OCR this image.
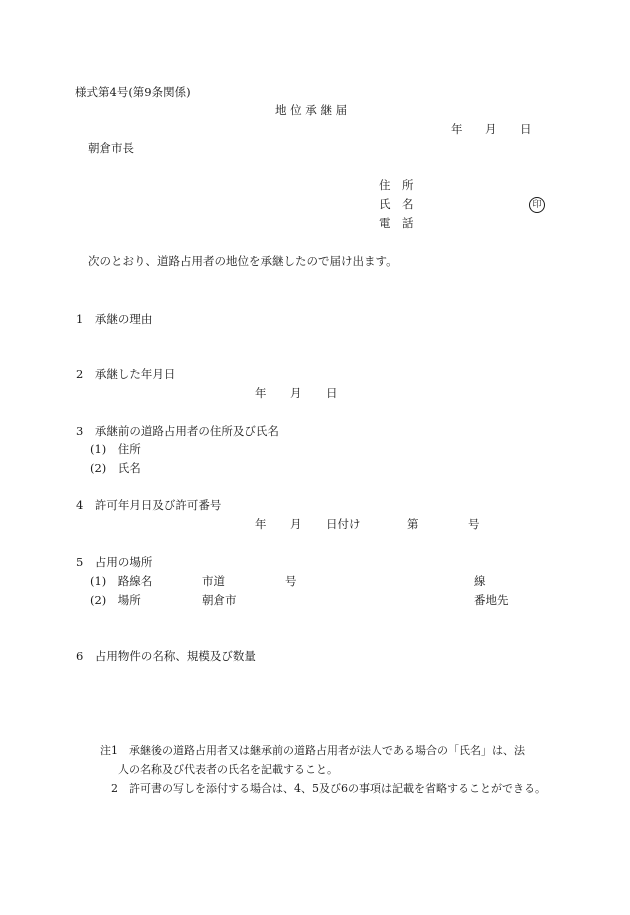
様式第4号(第9条関係)
地 位 承 継 届
年 月 日
朝倉市長
住　所
氏　名	印
電　話
次のとおり、道路占用者の地位を承継したので届け出ます。
1　承継の理由
2　承継した年月日
年 月 日
3　承継前の道路占用者の住所及び氏名
(1)　住所
(2)　氏名
4　許可年月日及び許可番号
年 月 日付け	第	号
5　占用の場所
(1)　路線名	市道	号	線
(2)　場所	朝倉市	番地先
6　占用物件の名称、規模及び数量
注1　承継後の道路占用者又は継承前の道路占用者が法人である場合の「氏名」は、法
人の名称及び代表者の氏名を記載すること。
2　許可書の写しを添付する場合は、4、5及び6の事項は記載を省略することができる。
